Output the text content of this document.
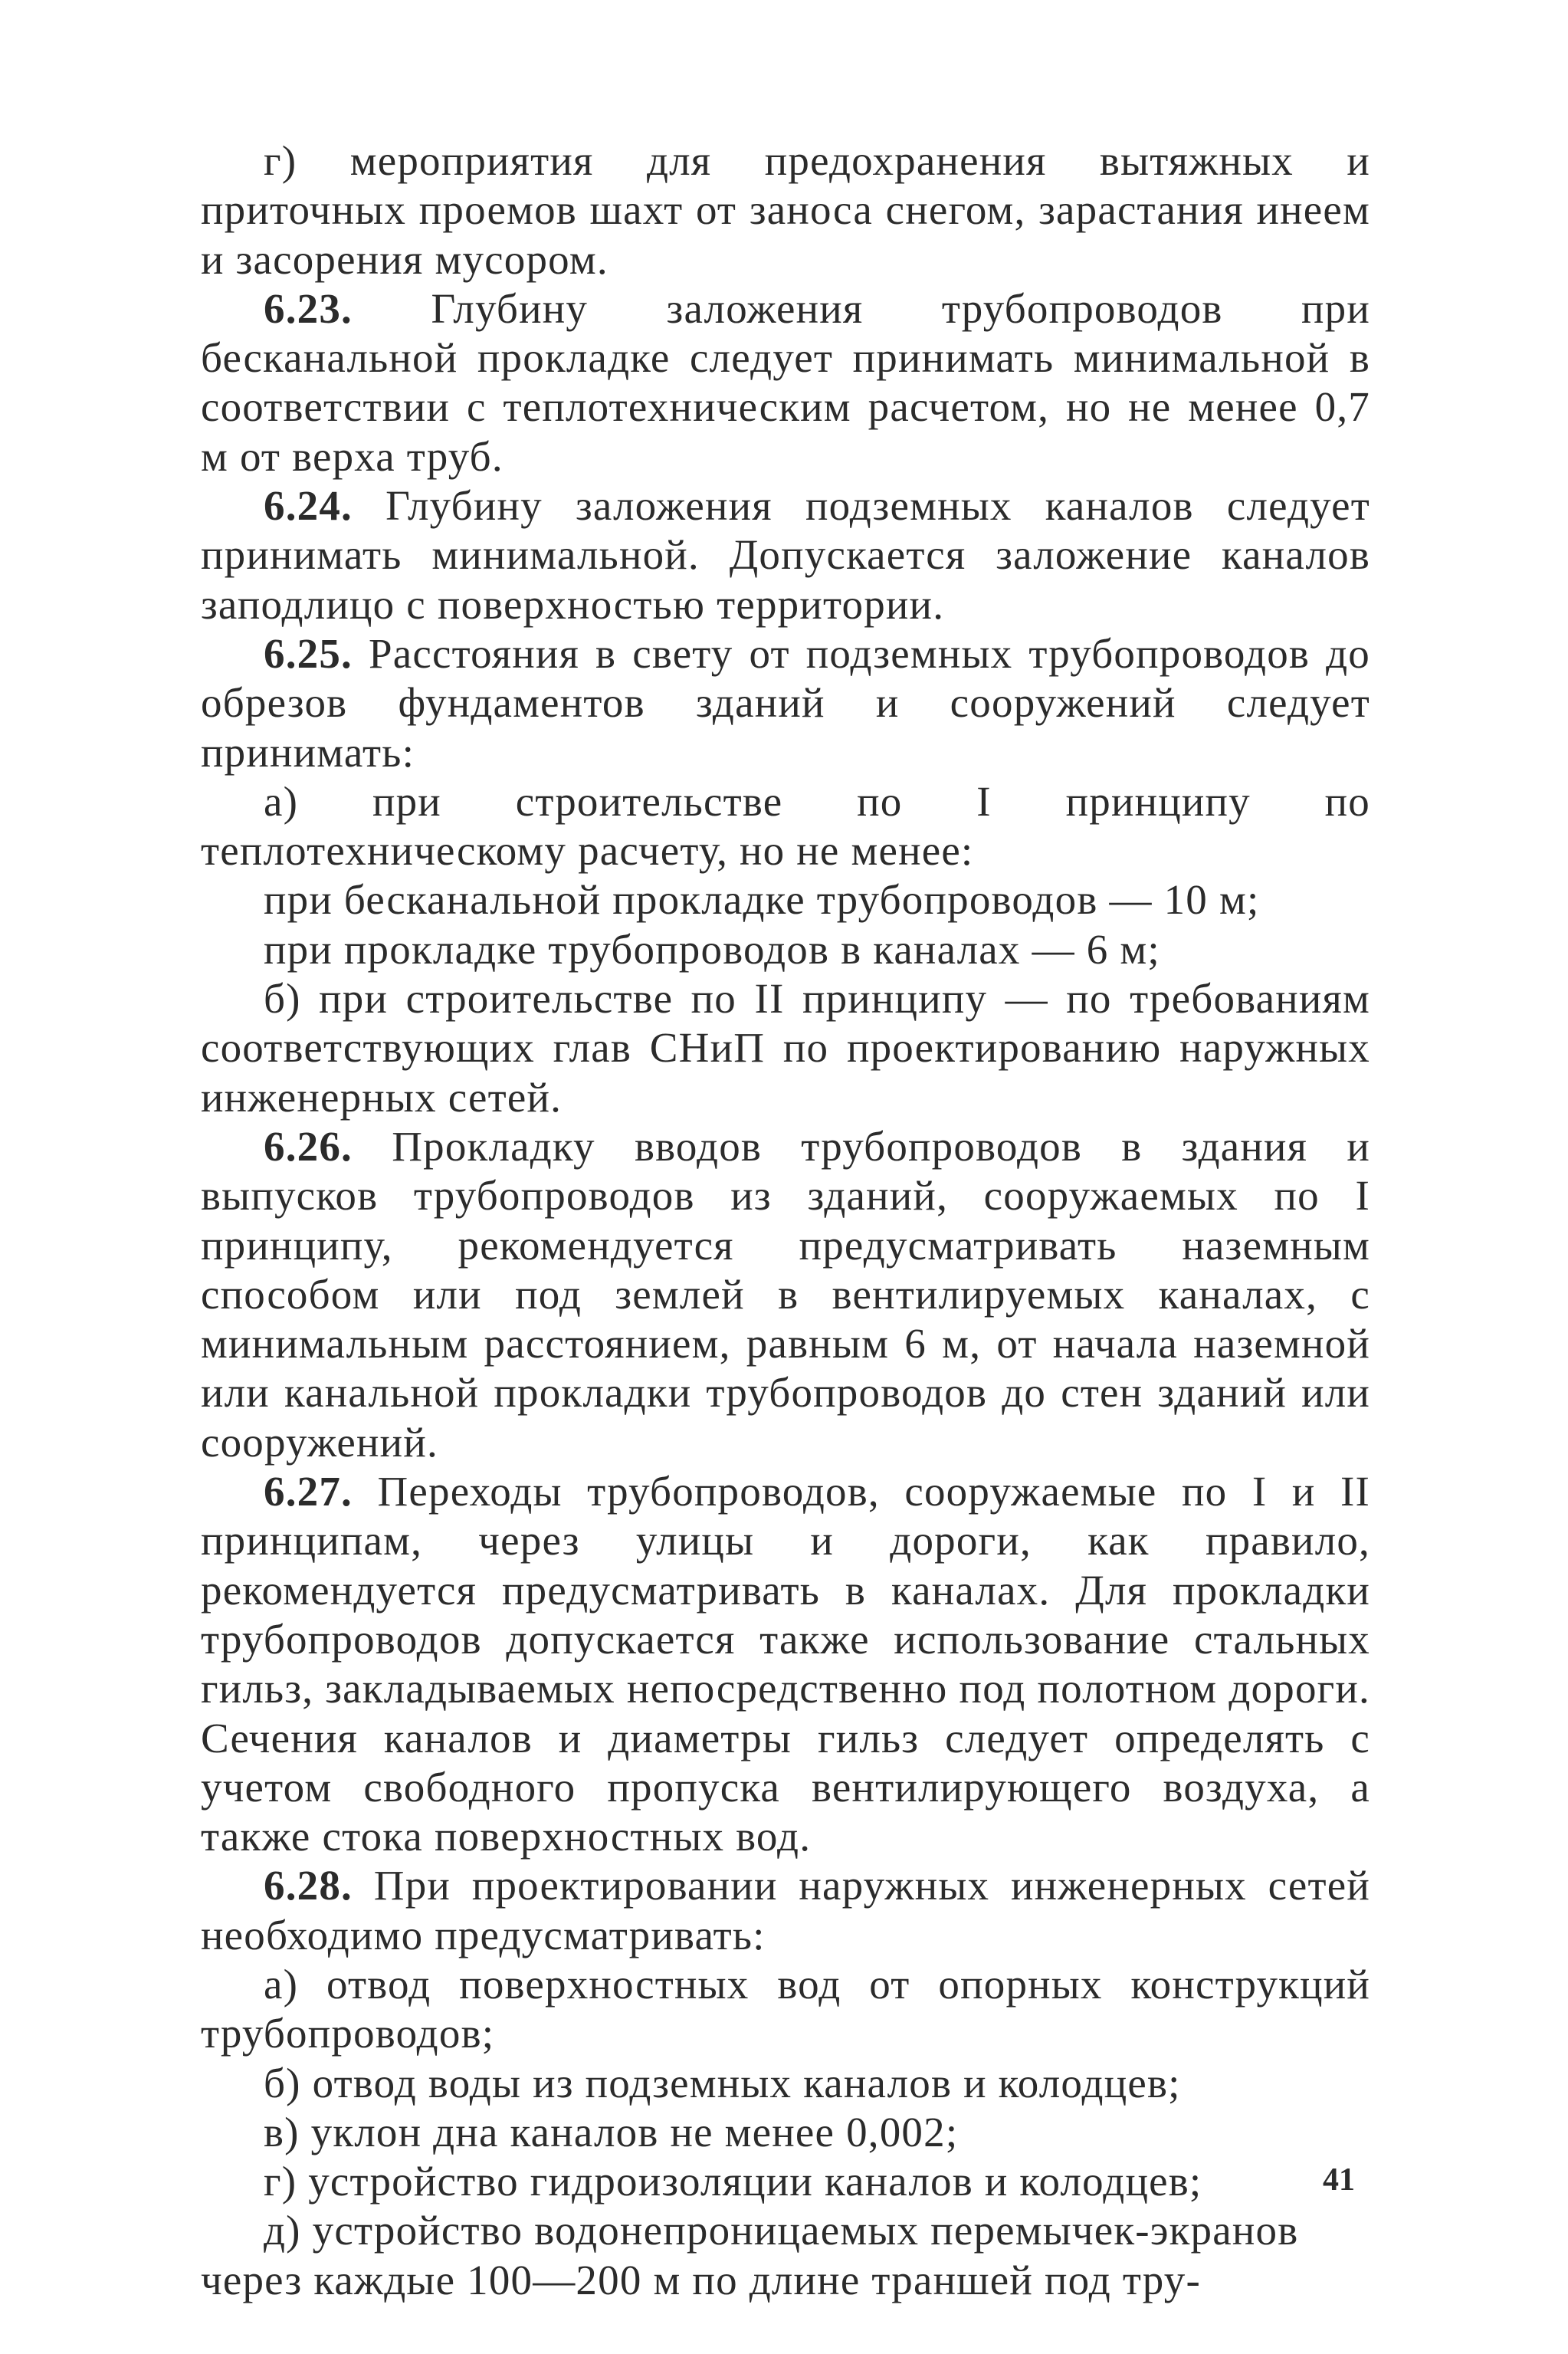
г) мероприятия для предохранения вытяжных и приточных проемов шахт от заноса снегом, зарастания инеем и засорения мусором.

6.23. Глубину заложения трубопроводов при бесканальной прокладке следует принимать минимальной в соответствии с теплотехническим расчетом, но не менее 0,7 м от верха труб.

6.24. Глубину заложения подземных каналов следует принимать минимальной. Допускается заложение каналов заподлицо с поверхностью территории.

6.25. Расстояния в свету от подземных трубопроводов до обрезов фундаментов зданий и сооружений следует принимать:

а) при строительстве по I принципу по теплотехническому расчету, но не менее:

при бесканальной прокладке трубопроводов — 10 м;

при прокладке трубопроводов в каналах — 6 м;

б) при строительстве по II принципу — по требованиям соответствующих глав СНиП по проектированию наружных инженерных сетей.

6.26. Прокладку вводов трубопроводов в здания и выпусков трубопроводов из зданий, сооружаемых по I принципу, рекомендуется предусматривать наземным способом или под землей в вентилируемых каналах, с минимальным расстоянием, равным 6 м, от начала наземной или канальной прокладки трубопроводов до стен зданий или сооружений.

6.27. Переходы трубопроводов, сооружаемые по I и II принципам, через улицы и дороги, как правило, рекомендуется предусматривать в каналах. Для прокладки трубопроводов допускается также использование стальных гильз, закладываемых непосредственно под полотном дороги. Сечения каналов и диаметры гильз следует определять с учетом свободного пропуска вентилирующего воздуха, а также стока поверхностных вод.

6.28. При проектировании наружных инженерных сетей необходимо предусматривать:

а) отвод поверхностных вод от опорных конструкций трубопроводов;

б) отвод воды из подземных каналов и колодцев;

в) уклон дна каналов не менее 0,002;

г) устройство гидроизоляции каналов и колодцев;

д) устройство водонепроницаемых перемычек-экранов через каждые 100—200 м по длине траншей под тру-

41
